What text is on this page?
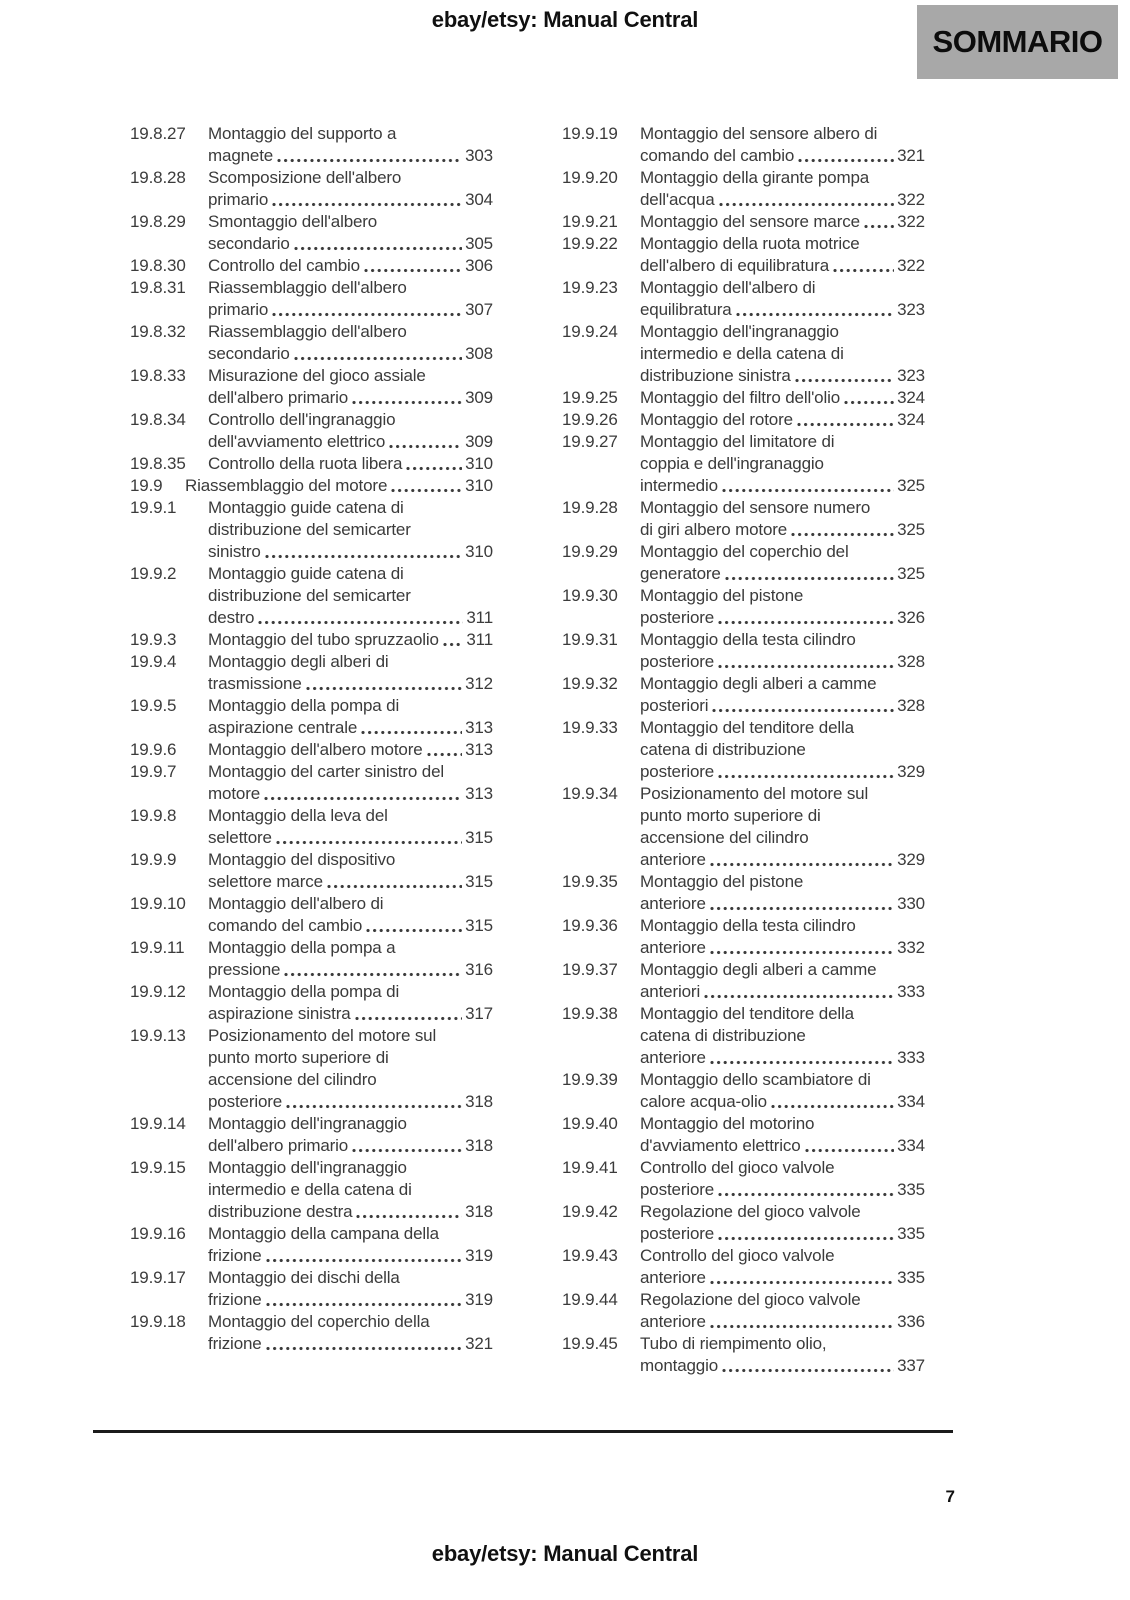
ebay/etsy: Manual Central
SOMMARIO
19.8.27	Montaggio del supporto a
magnete	303
19.8.28	Scomposizione dell'albero
primario	304
19.8.29	Smontaggio dell'albero
secondario	305
19.8.30	Controllo del cambio	306
19.8.31	Riassemblaggio dell'albero
primario	307
19.8.32	Riassemblaggio dell'albero
secondario	308
19.8.33	Misurazione del gioco assiale
dell'albero primario	309
19.8.34	Controllo dell'ingranaggio
dell'avviamento elettrico	309
19.8.35	Controllo della ruota libera	310
19.9	Riassemblaggio del motore	310
19.9.1	Montaggio guide catena di
distribuzione del semicarter
sinistro	310
19.9.2	Montaggio guide catena di
distribuzione del semicarter
destro	311
19.9.3	Montaggio del tubo spruzzaolio 311
19.9.4	Montaggio degli alberi di
trasmissione	312
19.9.5	Montaggio della pompa di
aspirazione centrale	313
19.9.6	Montaggio dell'albero motore	313
19.9.7	Montaggio del carter sinistro del
motore	313
19.9.8	Montaggio della leva del
selettore	315
19.9.9	Montaggio del dispositivo
selettore marce	315
19.9.10	Montaggio dell'albero di
comando del cambio	315
19.9.11	Montaggio della pompa a
pressione	316
19.9.12	Montaggio della pompa di
aspirazione sinistra	317
19.9.13	Posizionamento del motore sul
punto morto superiore di
accensione del cilindro
posteriore	318
19.9.14	Montaggio dell'ingranaggio
dell'albero primario	318
19.9.15	Montaggio dell'ingranaggio
intermedio e della catena di
distribuzione destra	318
19.9.16	Montaggio della campana della
frizione	319
19.9.17	Montaggio dei dischi della
frizione	319
19.9.18	Montaggio del coperchio della
frizione	321
19.9.19	Montaggio del sensore albero di
comando del cambio	321
19.9.20	Montaggio della girante pompa
dell'acqua	322
19.9.21	Montaggio del sensore marce 322
19.9.22	Montaggio della ruota motrice
dell'albero di equilibratura	322
19.9.23	Montaggio dell'albero di
equilibratura	323
19.9.24	Montaggio dell'ingranaggio
intermedio e della catena di
distribuzione sinistra	323
19.9.25	Montaggio del filtro dell'olio	324
19.9.26	Montaggio del rotore	324
19.9.27	Montaggio del limitatore di
coppia e dell'ingranaggio
intermedio	325
19.9.28	Montaggio del sensore numero
di giri albero motore	325
19.9.29	Montaggio del coperchio del
generatore	325
19.9.30	Montaggio del pistone
posteriore	326
19.9.31	Montaggio della testa cilindro
posteriore	328
19.9.32	Montaggio degli alberi a camme
posteriori	328
19.9.33	Montaggio del tenditore della
catena di distribuzione
posteriore	329
19.9.34	Posizionamento del motore sul
punto morto superiore di
accensione del cilindro
anteriore	329
19.9.35	Montaggio del pistone
anteriore	330
19.9.36	Montaggio della testa cilindro
anteriore	332
19.9.37	Montaggio degli alberi a camme
anteriori	333
19.9.38	Montaggio del tenditore della
catena di distribuzione
anteriore	333
19.9.39	Montaggio dello scambiatore di
calore acqua-olio	334
19.9.40	Montaggio del motorino
d'avviamento elettrico	334
19.9.41	Controllo del gioco valvole
posteriore	335
19.9.42	Regolazione del gioco valvole
posteriore	335
19.9.43	Controllo del gioco valvole
anteriore	335
19.9.44	Regolazione del gioco valvole
anteriore	336
19.9.45	Tubo di riempimento olio,
montaggio	337
7
ebay/etsy: Manual Central
